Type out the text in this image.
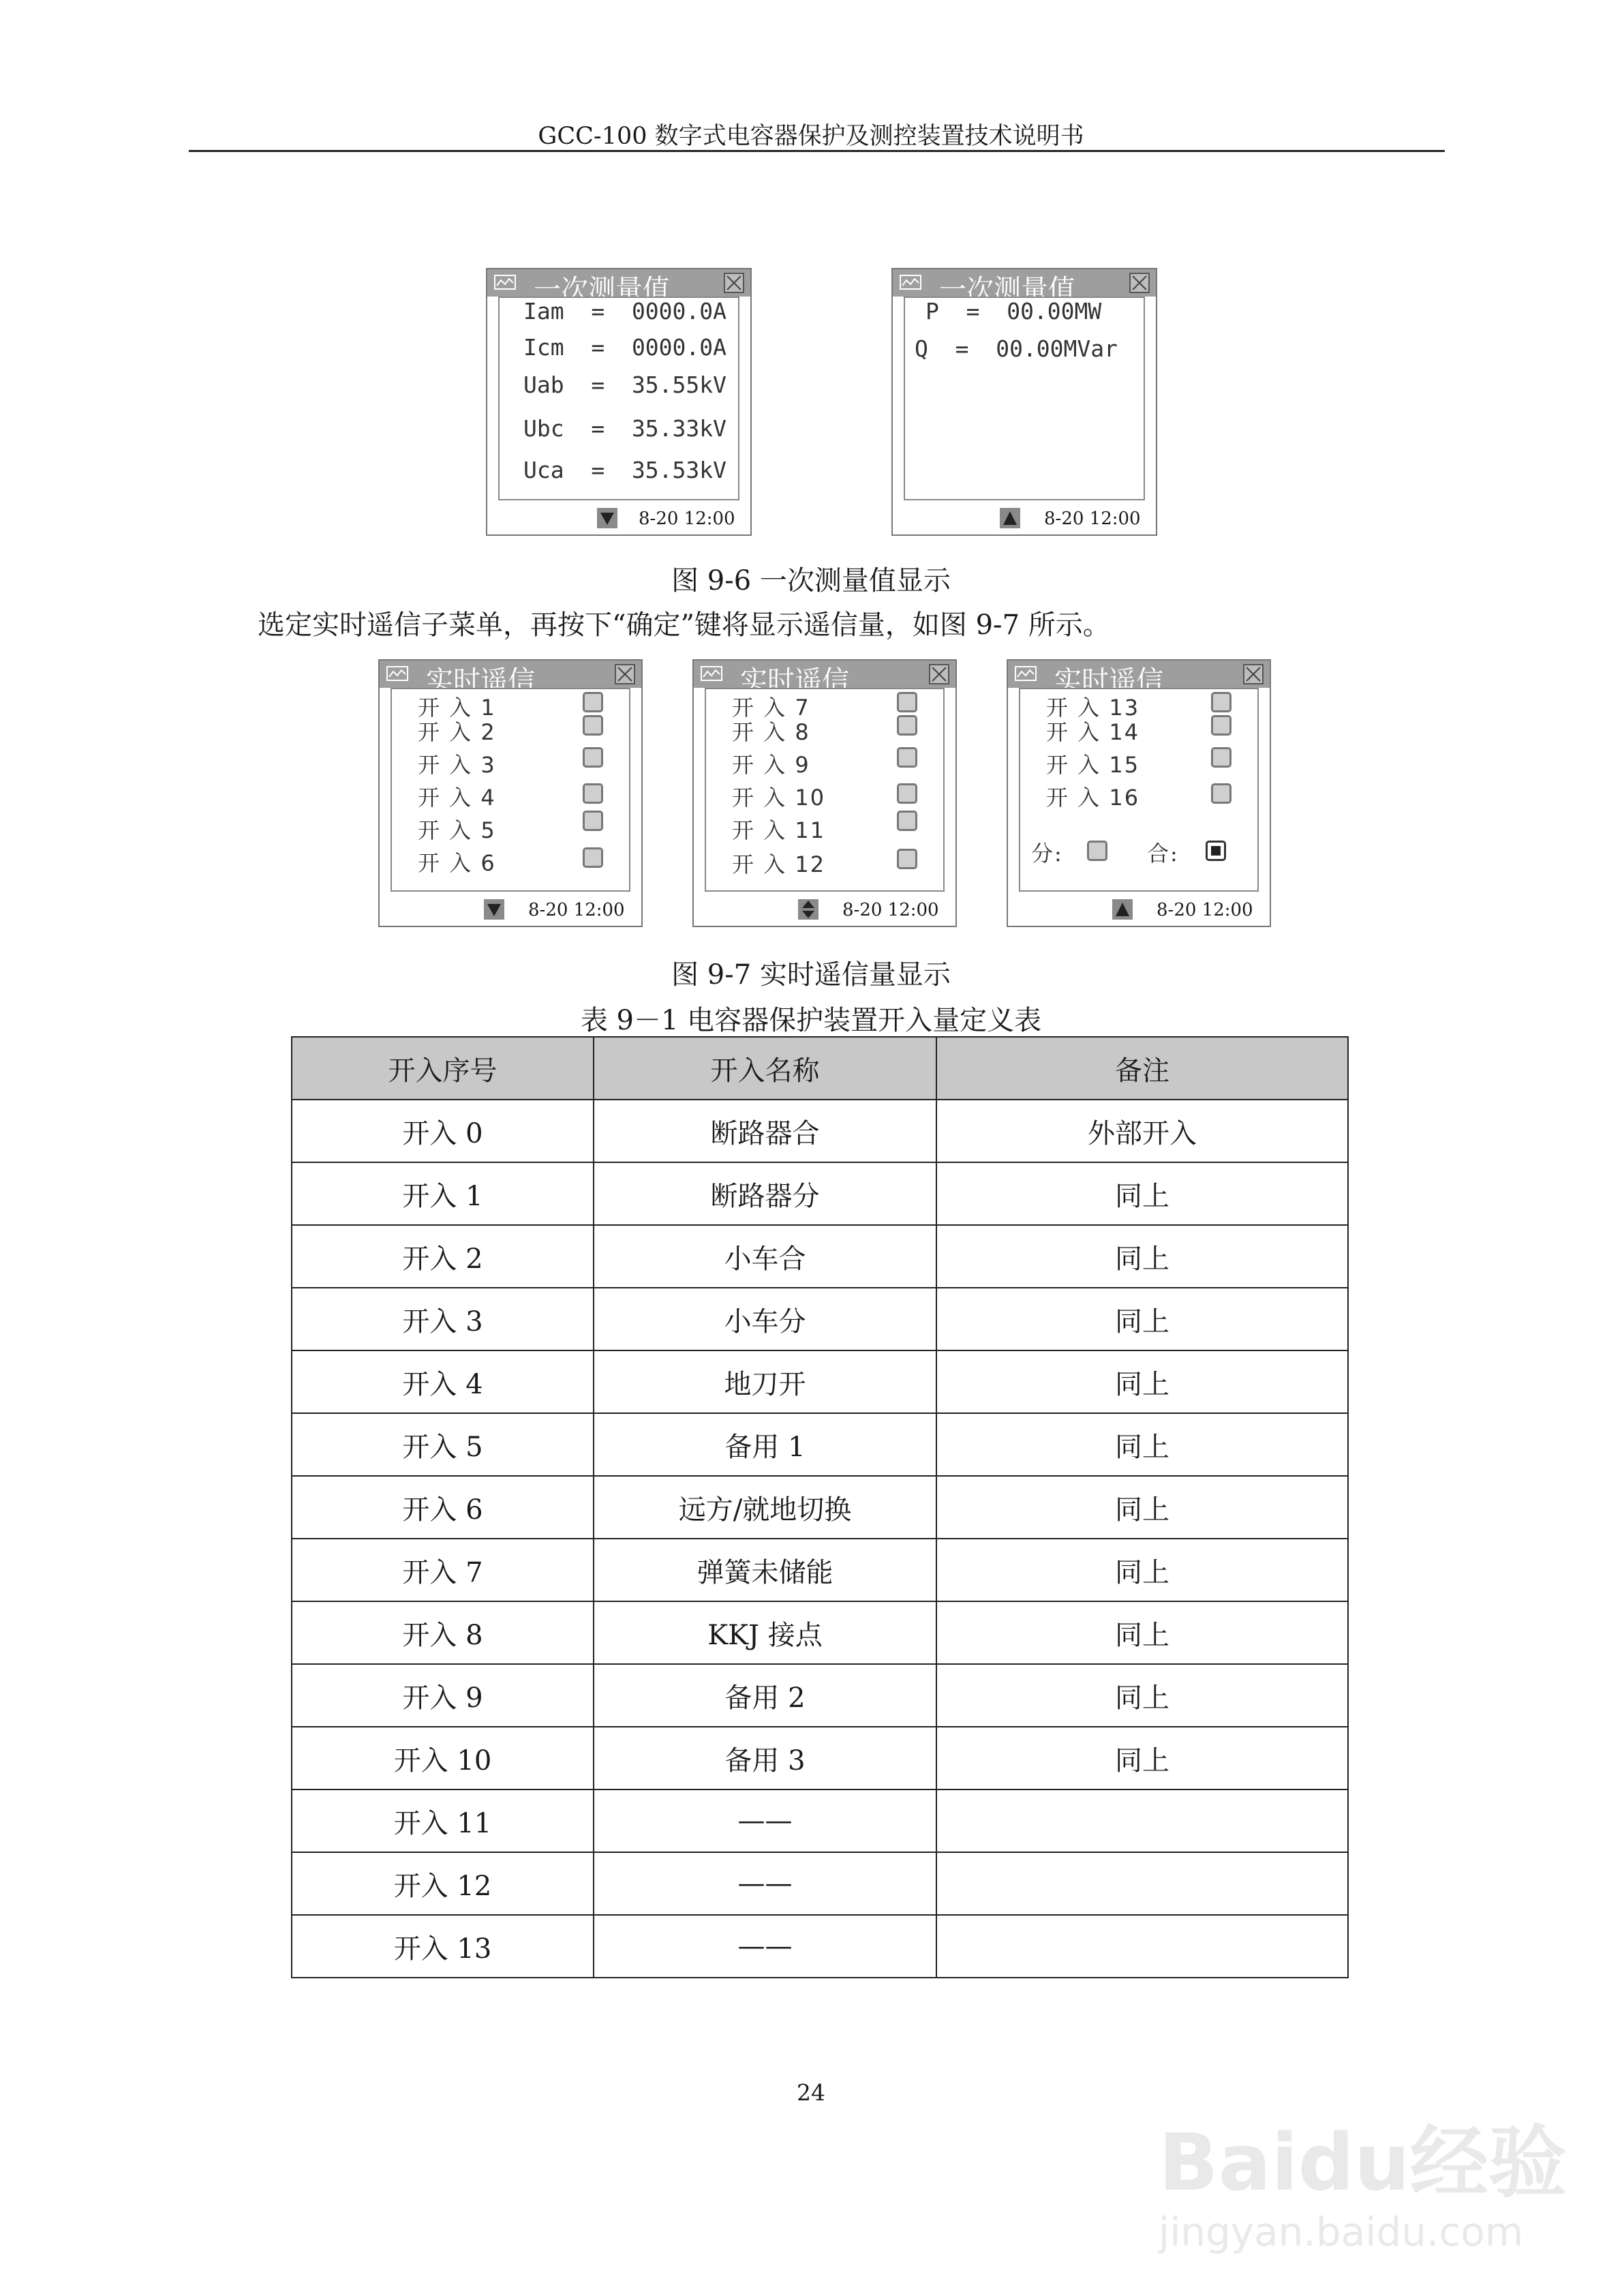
GCC-100 数字式电容器保护及测控装置技术说明书
一次测量值
Iam  =  0000.0A
Icm  =  0000.0A
Uab  =  35.55kV
Ubc  =  35.33kV
Uca  =  35.53kV
8-20 12:00
一次测量值
P  =  00.00MW
Q  =  00.00MVar
8-20 12:00
图 9-6 一次测量值显示
选定实时遥信子菜单，再按下“确定”键将显示遥信量，如图 9-7 所示。
实时遥信
开 入 1
开 入 2
开 入 3
开 入 4
开 入 5
开 入 6
8-20 12:00
实时遥信
开 入 7
开 入 8
开 入 9
开 入 10
开 入 11
开 入 12
8-20 12:00
实时遥信
开 入 13
开 入 14
开 入 15
开 入 16
分:	合:
8-20 12:00
图 9-7 实时遥信量显示
表 9－1 电容器保护装置开入量定义表
开入序号	开入名称	备注
开入 0	断路器合	外部开入
开入 1	断路器分	同上
开入 2	小车合	同上
开入 3	小车分	同上
开入 4	地刀开	同上
开入 5	备用 1	同上
开入 6	远方/就地切换	同上
开入 7	弹簧未储能	同上
开入 8	KKJ 接点	同上
开入 9	备用 2	同上
开入 10	备用 3	同上
开入 11	——	
开入 12	——	
开入 13	——	
24
Baidu经验
jingyan.baidu.com
